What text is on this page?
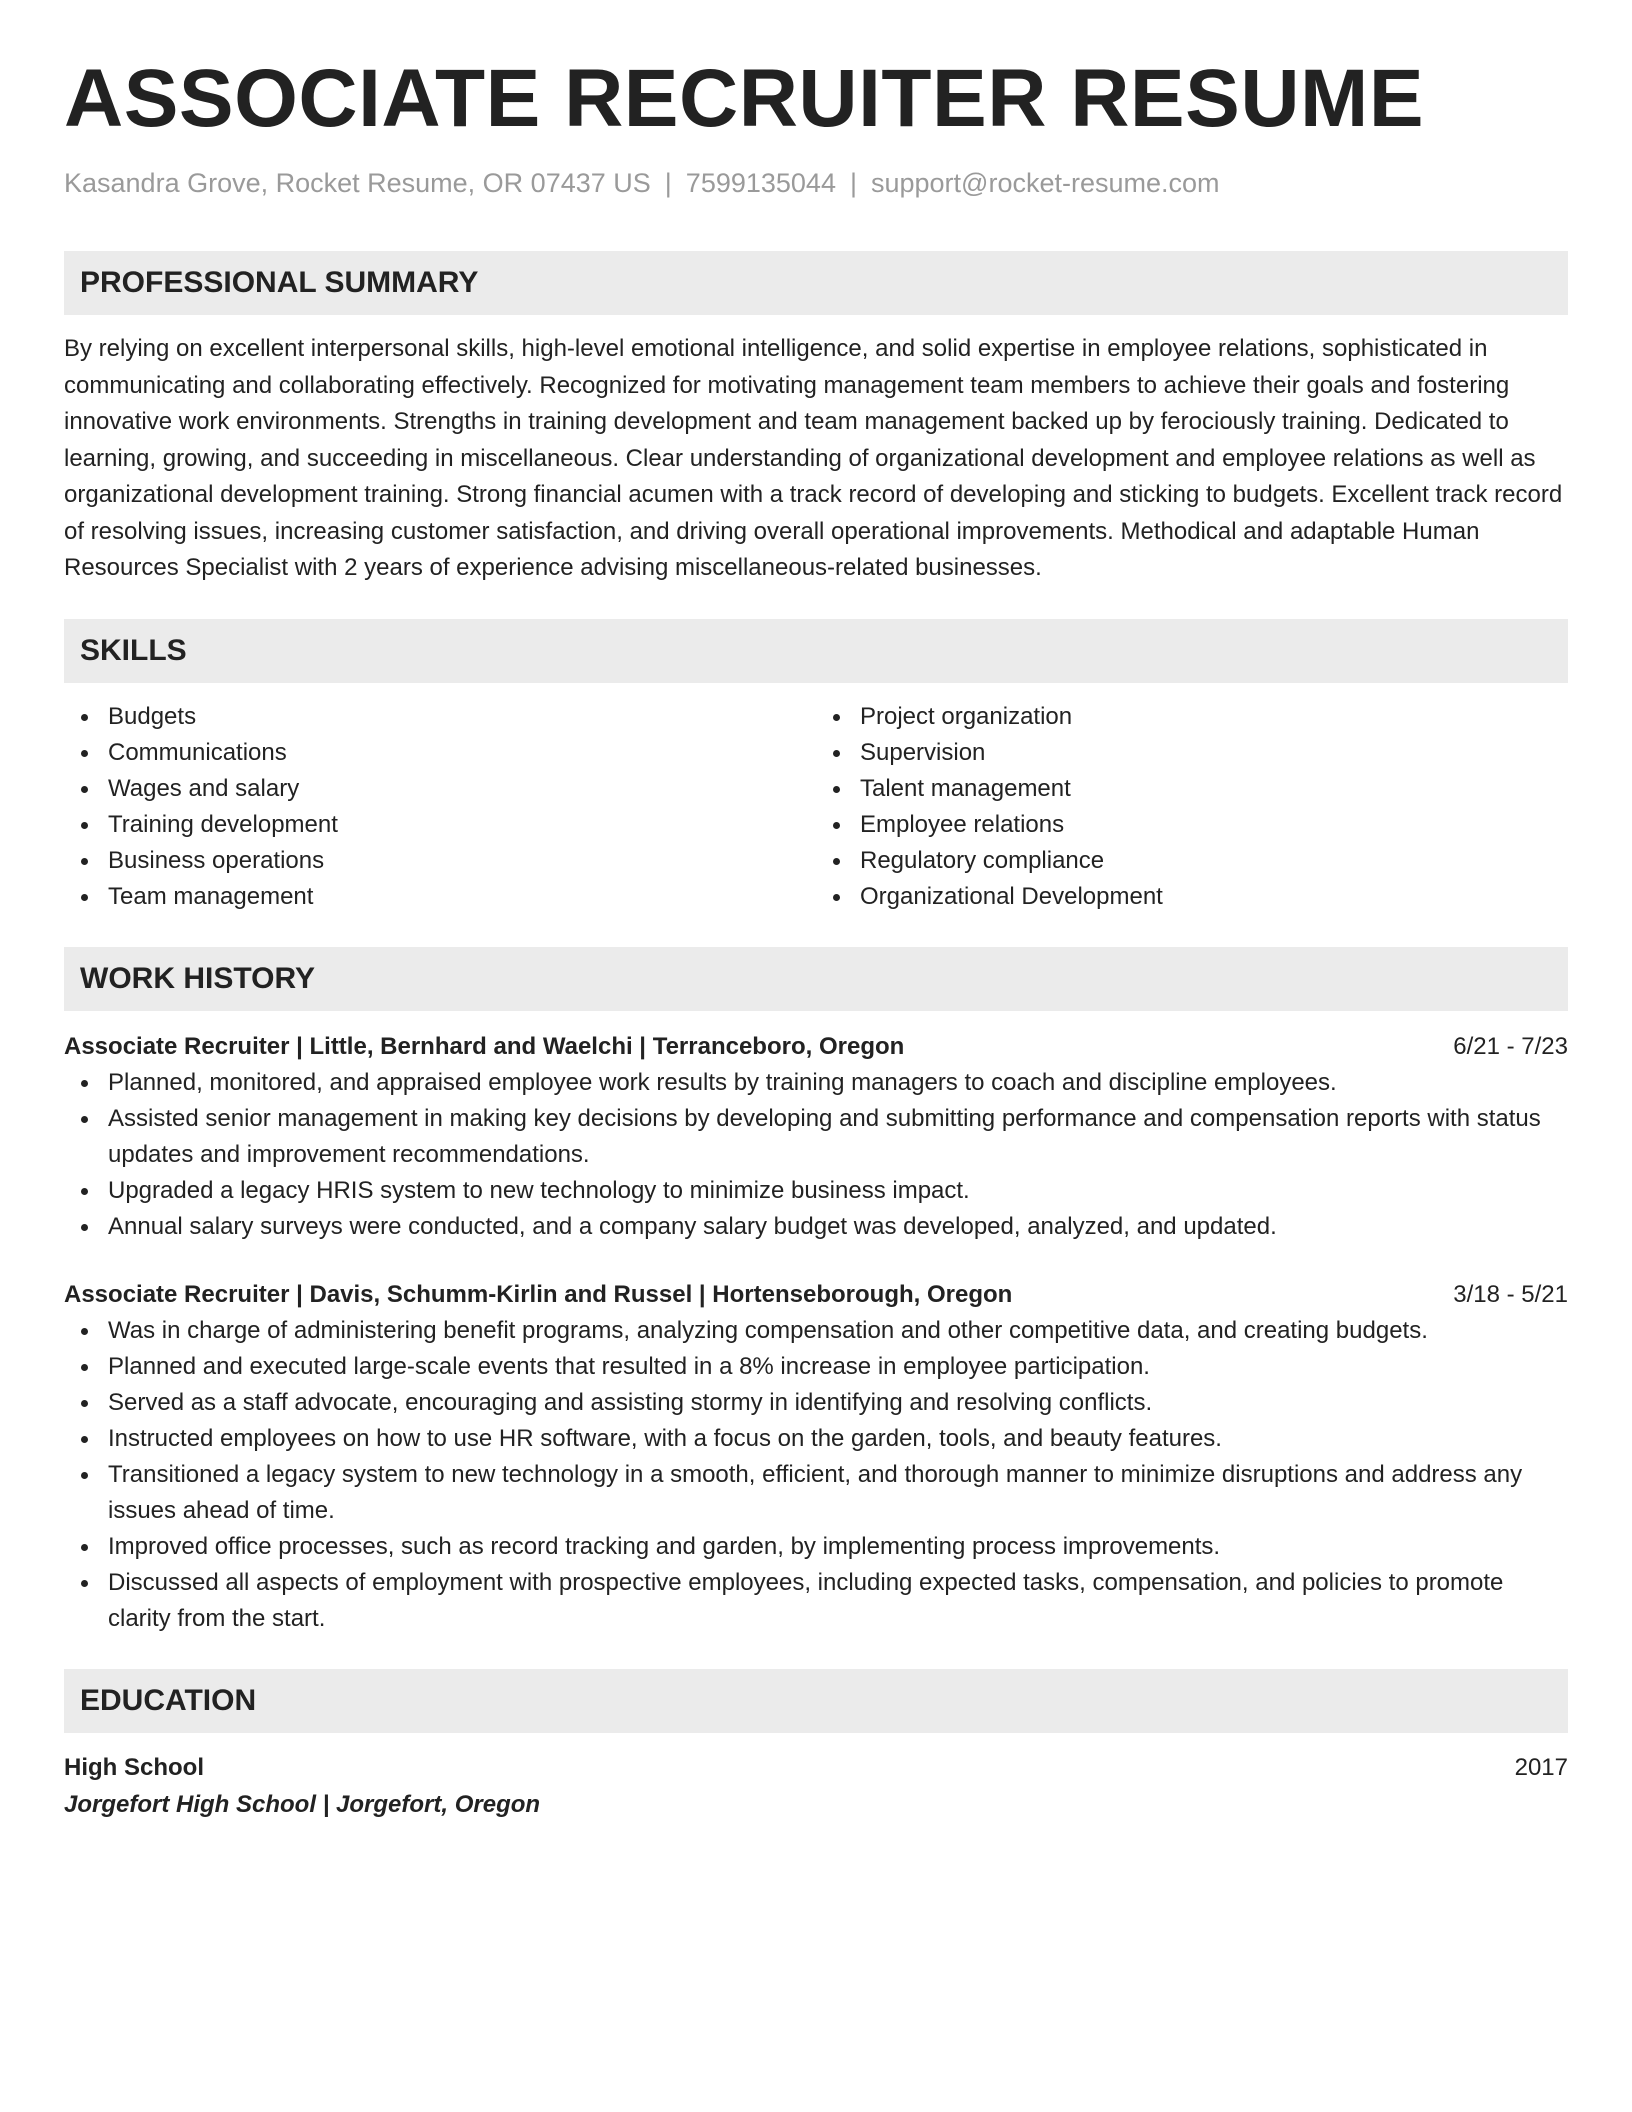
ASSOCIATE RECRUITER RESUME
Kasandra Grove, Rocket Resume, OR 07437 US | 7599135044 | support@rocket-resume.com
PROFESSIONAL SUMMARY
By relying on excellent interpersonal skills, high-level emotional intelligence, and solid expertise in employee relations, sophisticated in communicating and collaborating effectively. Recognized for motivating management team members to achieve their goals and fostering innovative work environments. Strengths in training development and team management backed up by ferociously training. Dedicated to learning, growing, and succeeding in miscellaneous. Clear understanding of organizational development and employee relations as well as organizational development training. Strong financial acumen with a track record of developing and sticking to budgets. Excellent track record of resolving issues, increasing customer satisfaction, and driving overall operational improvements. Methodical and adaptable Human Resources Specialist with 2 years of experience advising miscellaneous-related businesses.
SKILLS
Budgets
Communications
Wages and salary
Training development
Business operations
Team management
Project organization
Supervision
Talent management
Employee relations
Regulatory compliance
Organizational Development
WORK HISTORY
Associate Recruiter | Little, Bernhard and Waelchi | Terranceboro, Oregon	6/21 - 7/23
Planned, monitored, and appraised employee work results by training managers to coach and discipline employees.
Assisted senior management in making key decisions by developing and submitting performance and compensation reports with status updates and improvement recommendations.
Upgraded a legacy HRIS system to new technology to minimize business impact.
Annual salary surveys were conducted, and a company salary budget was developed, analyzed, and updated.
Associate Recruiter | Davis, Schumm-Kirlin and Russel | Hortenseborough, Oregon	3/18 - 5/21
Was in charge of administering benefit programs, analyzing compensation and other competitive data, and creating budgets.
Planned and executed large-scale events that resulted in a 8% increase in employee participation.
Served as a staff advocate, encouraging and assisting stormy in identifying and resolving conflicts.
Instructed employees on how to use HR software, with a focus on the garden, tools, and beauty features.
Transitioned a legacy system to new technology in a smooth, efficient, and thorough manner to minimize disruptions and address any issues ahead of time.
Improved office processes, such as record tracking and garden, by implementing process improvements.
Discussed all aspects of employment with prospective employees, including expected tasks, compensation, and policies to promote clarity from the start.
EDUCATION
High School	2017
Jorgefort High School | Jorgefort, Oregon
